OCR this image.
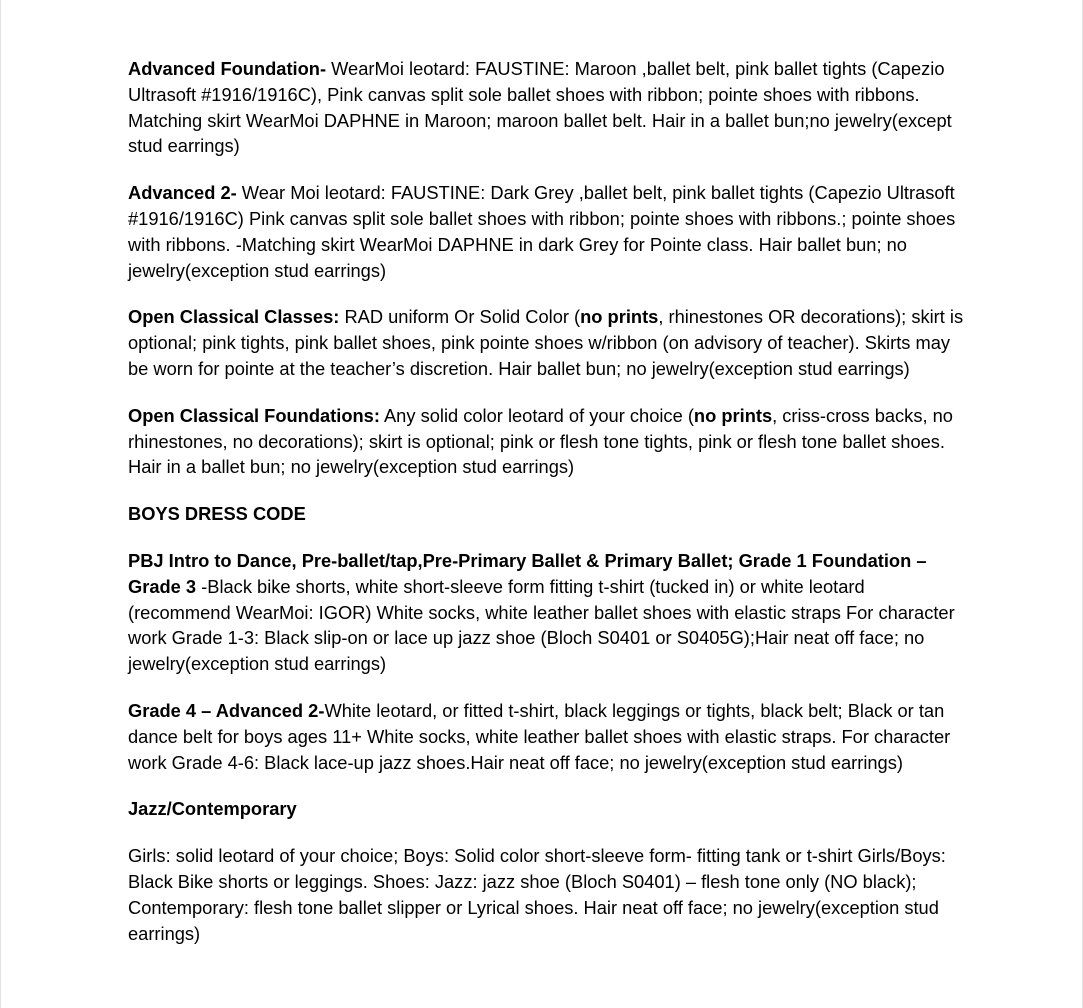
Advanced Foundation- WearMoi leotard: FAUSTINE: Maroon ,ballet belt, pink ballet tights (Capezio Ultrasoft #1916/1916C), Pink canvas split sole ballet shoes with ribbon; pointe shoes with ribbons. Matching skirt WearMoi DAPHNE in Maroon; maroon ballet belt. Hair in a ballet bun;no jewelry(except stud earrings)

Advanced 2- Wear Moi leotard: FAUSTINE: Dark Grey ,ballet belt, pink ballet tights (Capezio Ultrasoft #1916/1916C) Pink canvas split sole ballet shoes with ribbon; pointe shoes with ribbons.; pointe shoes with ribbons. -Matching skirt WearMoi DAPHNE in dark Grey for Pointe class. Hair ballet bun; no jewelry(exception stud earrings)

Open Classical Classes: RAD uniform Or Solid Color (no prints, rhinestones OR decorations); skirt is optional; pink tights, pink ballet shoes, pink pointe shoes w/ribbon (on advisory of teacher). Skirts may be worn for pointe at the teacher’s discretion. Hair ballet bun; no jewelry(exception stud earrings)

Open Classical Foundations: Any solid color leotard of your choice (no prints, criss-cross backs, no rhinestones, no decorations); skirt is optional; pink or flesh tone tights, pink or flesh tone ballet shoes. Hair in a ballet bun; no jewelry(exception stud earrings)

BOYS DRESS CODE

PBJ Intro to Dance, Pre-ballet/tap,Pre-Primary Ballet & Primary Ballet; Grade 1 Foundation – Grade 3 -Black bike shorts, white short-sleeve form fitting t-shirt (tucked in) or white leotard (recommend WearMoi: IGOR) White socks, white leather ballet shoes with elastic straps For character work Grade 1-3: Black slip-on or lace up jazz shoe (Bloch S0401 or S0405G);Hair neat off face; no jewelry(exception stud earrings)

Grade 4 – Advanced 2-White leotard, or fitted t-shirt, black leggings or tights, black belt; Black or tan dance belt for boys ages 11+ White socks, white leather ballet shoes with elastic straps. For character work Grade 4-6: Black lace-up jazz shoes.Hair neat off face; no jewelry(exception stud earrings)

Jazz/Contemporary

Girls: solid leotard of your choice; Boys: Solid color short-sleeve form- fitting tank or t-shirt Girls/Boys: Black Bike shorts or leggings. Shoes: Jazz: jazz shoe (Bloch S0401) – flesh tone only (NO black); Contemporary: flesh tone ballet slipper or Lyrical shoes. Hair neat off face; no jewelry(exception stud earrings)
